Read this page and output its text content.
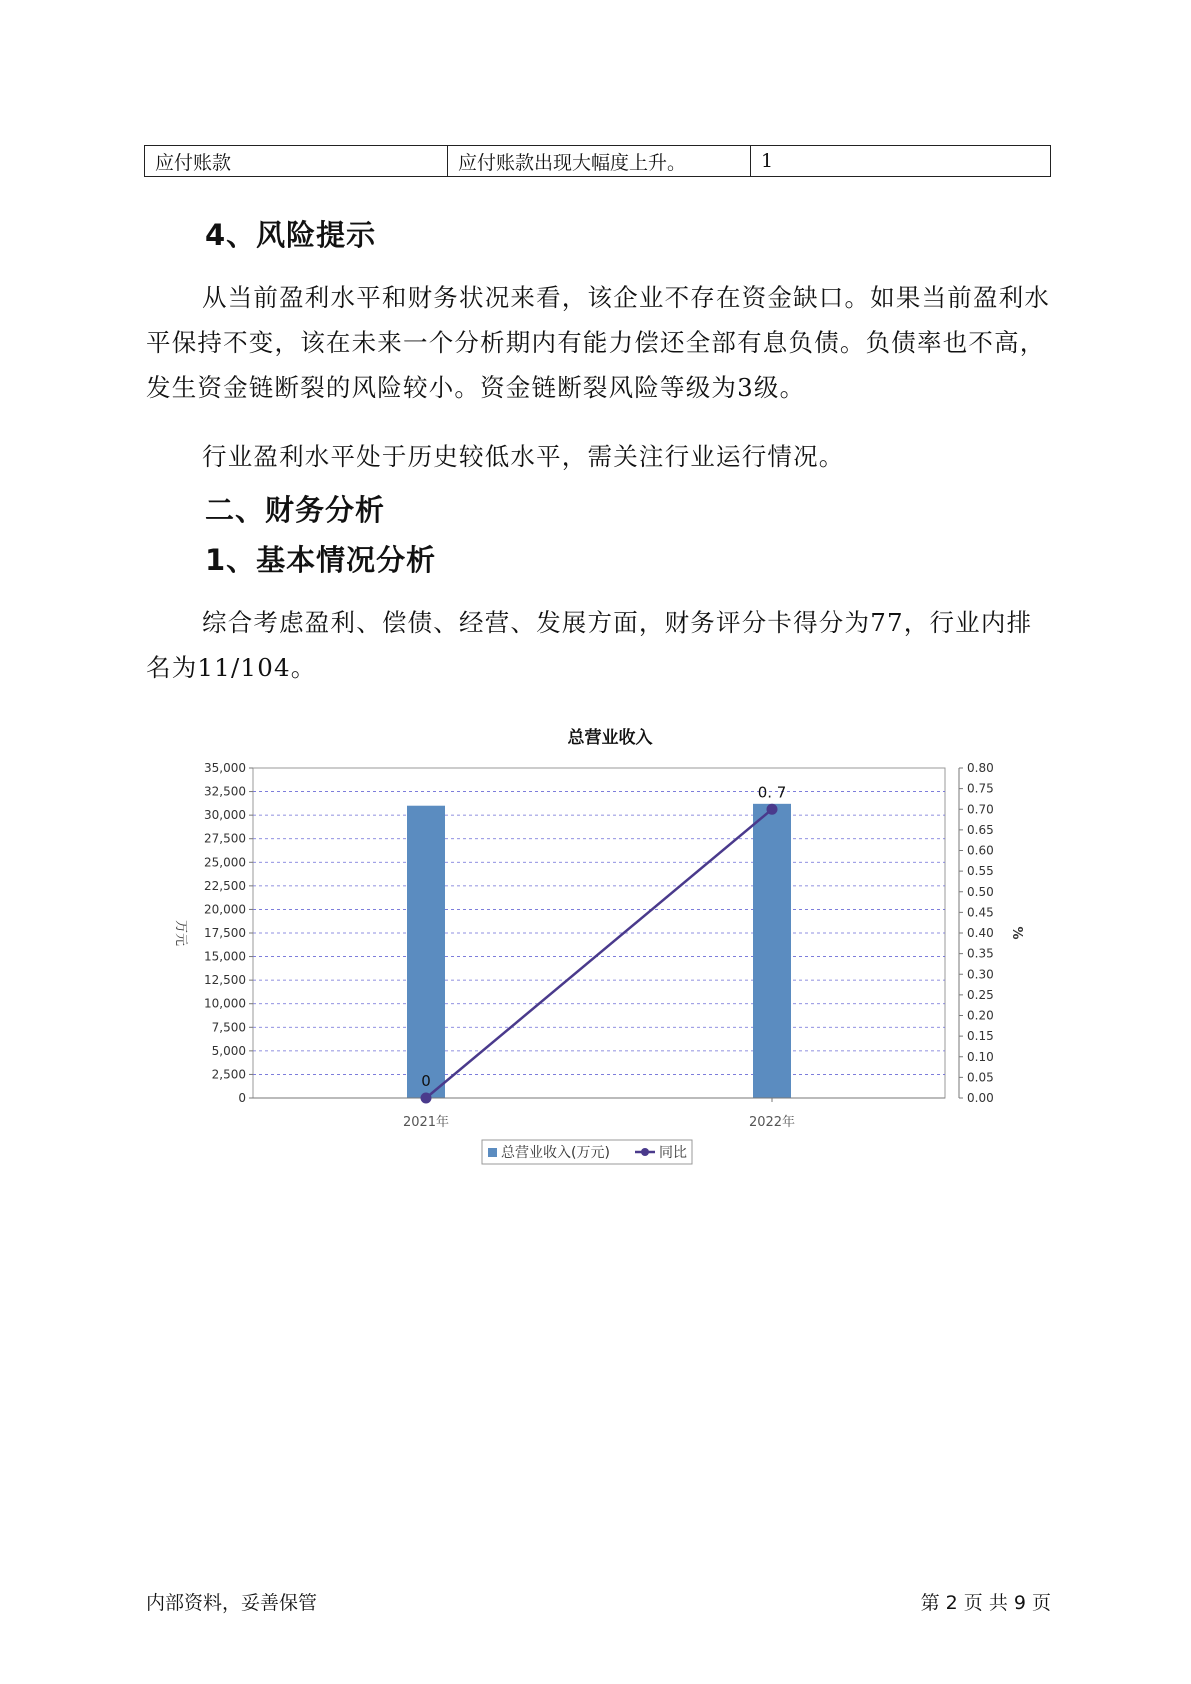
应付账款	应付账款出现大幅度上升。	1
4、风险提示

从当前盈利水平和财务状况来看，该企业不存在资金缺口。如果当前盈利水平保持不变，该在未来一个分析期内有能力偿还全部有息负债。负债率也不高，发生资金链断裂的风险较小。资金链断裂风险等级为3级。

行业盈利水平处于历史较低水平，需关注行业运行情况。

二、财务分析
1、基本情况分析

综合考虑盈利、偿债、经营、发展方面，财务评分卡得分为77，行业内排名为11/104。

总营业收入
0
2,500
5,000
7,500
10,000
12,500
15,000
17,500
20,000
22,500
25,000
27,500
30,000
32,500
35,000
0.00
0.05
0.10
0.15
0.20
0.25
0.30
0.35
0.40
0.45
0.50
0.55
0.60
0.65
0.70
0.75
0.80
万元	%
2021年	2022年
0
0. 7
总营业收入(万元)	同比
内部资料，妥善保管	第 2 页 共 9 页
